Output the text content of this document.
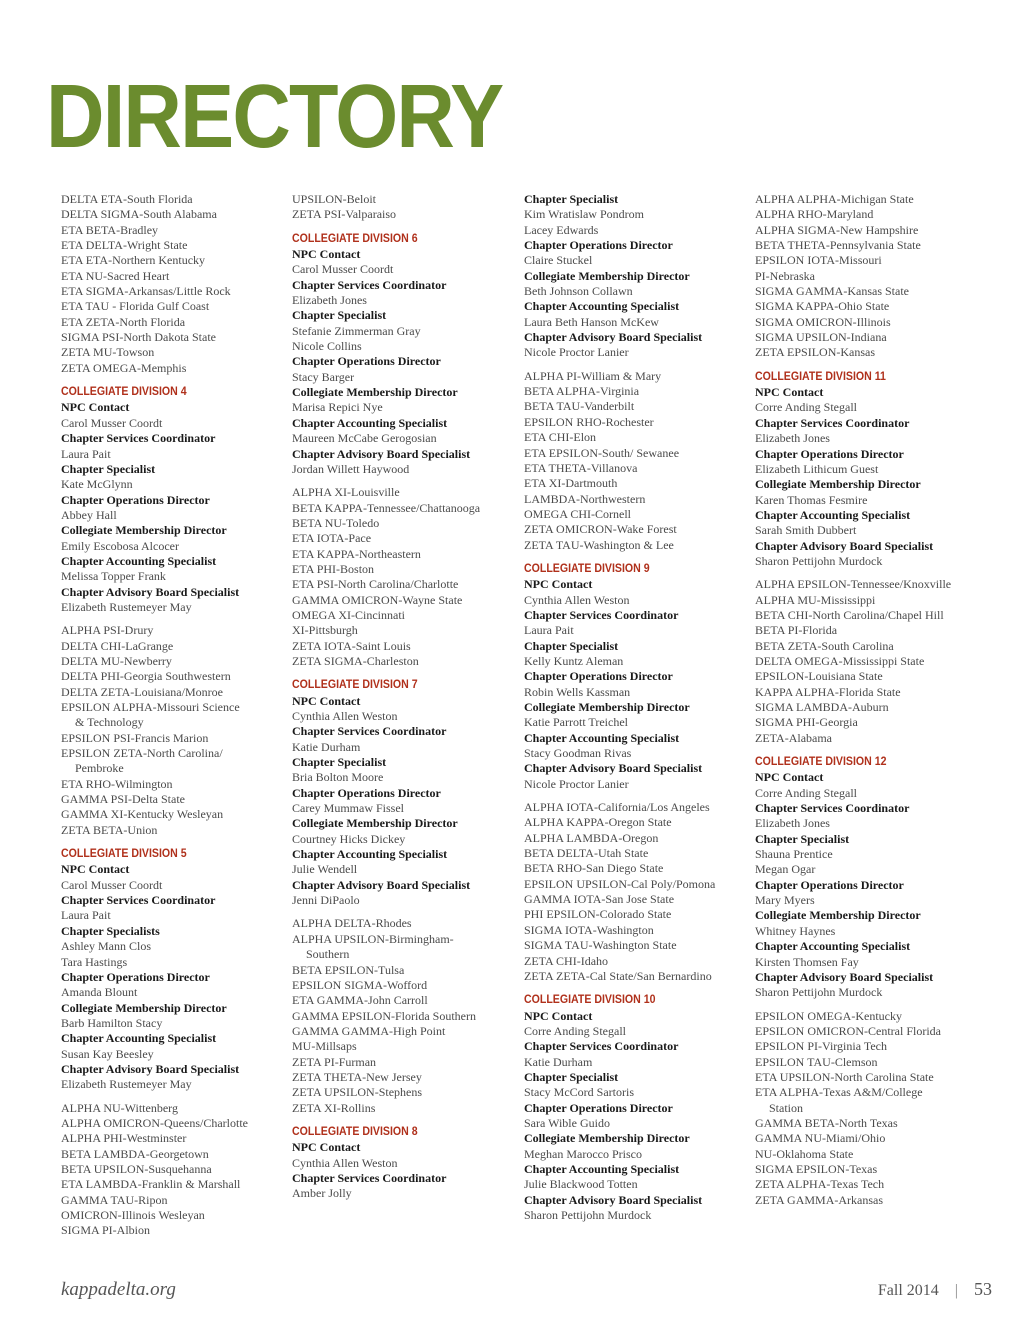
DIRECTORY
DELTA ETA-South Florida
DELTA SIGMA-South Alabama
ETA BETA-Bradley
ETA DELTA-Wright State
ETA ETA-Northern Kentucky
ETA NU-Sacred Heart
ETA SIGMA-Arkansas/Little Rock
ETA TAU - Florida Gulf Coast
ETA ZETA-North Florida
SIGMA PSI-North Dakota State
ZETA MU-Towson
ZETA OMEGA-Memphis
COLLEGIATE DIVISION 4
NPC Contact
Carol Musser Coordt
Chapter Services Coordinator
Laura Pait
Chapter Specialist
Kate McGlynn
Chapter Operations Director
Abbey Hall
Collegiate Membership Director
Emily Escobosa Alcocer
Chapter Accounting Specialist
Melissa Topper Frank
Chapter Advisory Board Specialist
Elizabeth Rustemeyer May
ALPHA PSI-Drury
DELTA CHI-LaGrange
DELTA MU-Newberry
DELTA PHI-Georgia Southwestern
DELTA ZETA-Louisiana/Monroe
EPSILON ALPHA-Missouri Science
& Technology
EPSILON PSI-Francis Marion
EPSILON ZETA-North Carolina/
Pembroke
ETA RHO-Wilmington
GAMMA PSI-Delta State
GAMMA XI-Kentucky Wesleyan
ZETA BETA-Union
COLLEGIATE DIVISION 5
NPC Contact
Carol Musser Coordt
Chapter Services Coordinator
Laura Pait
Chapter Specialists
Ashley Mann Clos
Tara Hastings
Chapter Operations Director
Amanda Blount
Collegiate Membership Director
Barb Hamilton Stacy
Chapter Accounting Specialist
Susan Kay Beesley
Chapter Advisory Board Specialist
Elizabeth Rustemeyer May
ALPHA NU-Wittenberg
ALPHA OMICRON-Queens/Charlotte
ALPHA PHI-Westminster
BETA LAMBDA-Georgetown
BETA UPSILON-Susquehanna
ETA LAMBDA-Franklin & Marshall
GAMMA TAU-Ripon
OMICRON-Illinois Wesleyan
SIGMA PI-Albion
UPSILON-Beloit
ZETA PSI-Valparaiso
COLLEGIATE DIVISION 6
NPC Contact
Carol Musser Coordt
Chapter Services Coordinator
Elizabeth Jones
Chapter Specialist
Stefanie Zimmerman Gray
Nicole Collins
Chapter Operations Director
Stacy Barger
Collegiate Membership Director
Marisa Repici Nye
Chapter Accounting Specialist
Maureen McCabe Gerogosian
Chapter Advisory Board Specialist
Jordan Willett Haywood
ALPHA XI-Louisville
BETA KAPPA-Tennessee/Chattanooga
BETA NU-Toledo
ETA IOTA-Pace
ETA KAPPA-Northeastern
ETA PHI-Boston
ETA PSI-North Carolina/Charlotte
GAMMA OMICRON-Wayne State
OMEGA XI-Cincinnati
XI-Pittsburgh
ZETA IOTA-Saint Louis
ZETA SIGMA-Charleston
COLLEGIATE DIVISION 7
NPC Contact
Cynthia Allen Weston
Chapter Services Coordinator
Katie Durham
Chapter Specialist
Bria Bolton Moore
Chapter Operations Director
Carey Mummaw Fissel
Collegiate Membership Director
Courtney Hicks Dickey
Chapter Accounting Specialist
Julie Wendell
Chapter Advisory Board Specialist
Jenni DiPaolo
ALPHA DELTA-Rhodes
ALPHA UPSILON-Birmingham-
Southern
BETA EPSILON-Tulsa
EPSILON SIGMA-Wofford
ETA GAMMA-John Carroll
GAMMA EPSILON-Florida Southern
GAMMA GAMMA-High Point
MU-Millsaps
ZETA PI-Furman
ZETA THETA-New Jersey
ZETA UPSILON-Stephens
ZETA XI-Rollins
COLLEGIATE DIVISION 8
NPC Contact
Cynthia Allen Weston
Chapter Services Coordinator
Amber Jolly
Chapter Specialist
Kim Wratislaw Pondrom
Lacey Edwards
Chapter Operations Director
Claire Stuckel
Collegiate Membership Director
Beth Johnson Collawn
Chapter Accounting Specialist
Laura Beth Hanson McKew
Chapter Advisory Board Specialist
Nicole Proctor Lanier
ALPHA PI-William & Mary
BETA ALPHA-Virginia
BETA TAU-Vanderbilt
EPSILON RHO-Rochester
ETA CHI-Elon
ETA EPSILON-South/ Sewanee
ETA THETA-Villanova
ETA XI-Dartmouth
LAMBDA-Northwestern
OMEGA CHI-Cornell
ZETA OMICRON-Wake Forest
ZETA TAU-Washington & Lee
COLLEGIATE DIVISION 9
NPC Contact
Cynthia Allen Weston
Chapter Services Coordinator
Laura Pait
Chapter Specialist
Kelly Kuntz Aleman
Chapter Operations Director
Robin Wells Kassman
Collegiate Membership Director
Katie Parrott Treichel
Chapter Accounting Specialist
Stacy Goodman Rivas
Chapter Advisory Board Specialist
Nicole Proctor Lanier
ALPHA IOTA-California/Los Angeles
ALPHA KAPPA-Oregon State
ALPHA LAMBDA-Oregon
BETA DELTA-Utah State
BETA RHO-San Diego State
EPSILON UPSILON-Cal Poly/Pomona
GAMMA IOTA-San Jose State
PHI EPSILON-Colorado State
SIGMA IOTA-Washington
SIGMA TAU-Washington State
ZETA CHI-Idaho
ZETA ZETA-Cal State/San Bernardino
COLLEGIATE DIVISION 10
NPC Contact
Corre Anding Stegall
Chapter Services Coordinator
Katie Durham
Chapter Specialist
Stacy McCord Sartoris
Chapter Operations Director
Sara Wible Guido
Collegiate Membership Director
Meghan Marocco Prisco
Chapter Accounting Specialist
Julie Blackwood Totten
Chapter Advisory Board Specialist
Sharon Pettijohn Murdock
ALPHA ALPHA-Michigan State
ALPHA RHO-Maryland
ALPHA SIGMA-New Hampshire
BETA THETA-Pennsylvania State
EPSILON IOTA-Missouri
PI-Nebraska
SIGMA GAMMA-Kansas State
SIGMA KAPPA-Ohio State
SIGMA OMICRON-Illinois
SIGMA UPSILON-Indiana
ZETA EPSILON-Kansas
COLLEGIATE DIVISION 11
NPC Contact
Corre Anding Stegall
Chapter Services Coordinator
Elizabeth Jones
Chapter Operations Director
Elizabeth Lithicum Guest
Collegiate Membership Director
Karen Thomas Fesmire
Chapter Accounting Specialist
Sarah Smith Dubbert
Chapter Advisory Board Specialist
Sharon Pettijohn Murdock
ALPHA EPSILON-Tennessee/Knoxville
ALPHA MU-Mississippi
BETA CHI-North Carolina/Chapel Hill
BETA PI-Florida
BETA ZETA-South Carolina
DELTA OMEGA-Mississippi State
EPSILON-Louisiana State
KAPPA ALPHA-Florida State
SIGMA LAMBDA-Auburn
SIGMA PHI-Georgia
ZETA-Alabama
COLLEGIATE DIVISION 12
NPC Contact
Corre Anding Stegall
Chapter Services Coordinator
Elizabeth Jones
Chapter Specialist
Shauna Prentice
Megan Ogar
Chapter Operations Director
Mary Myers
Collegiate Membership Director
Whitney Haynes
Chapter Accounting Specialist
Kirsten Thomsen Fay
Chapter Advisory Board Specialist
Sharon Pettijohn Murdock
EPSILON OMEGA-Kentucky
EPSILON OMICRON-Central Florida
EPSILON PI-Virginia Tech
EPSILON TAU-Clemson
ETA UPSILON-North Carolina State
ETA ALPHA-Texas A&M/College
Station
GAMMA BETA-North Texas
GAMMA NU-Miami/Ohio
NU-Oklahoma State
SIGMA EPSILON-Texas
ZETA ALPHA-Texas Tech
ZETA GAMMA-Arkansas
kappadelta.org	Fall 2014 | 53
